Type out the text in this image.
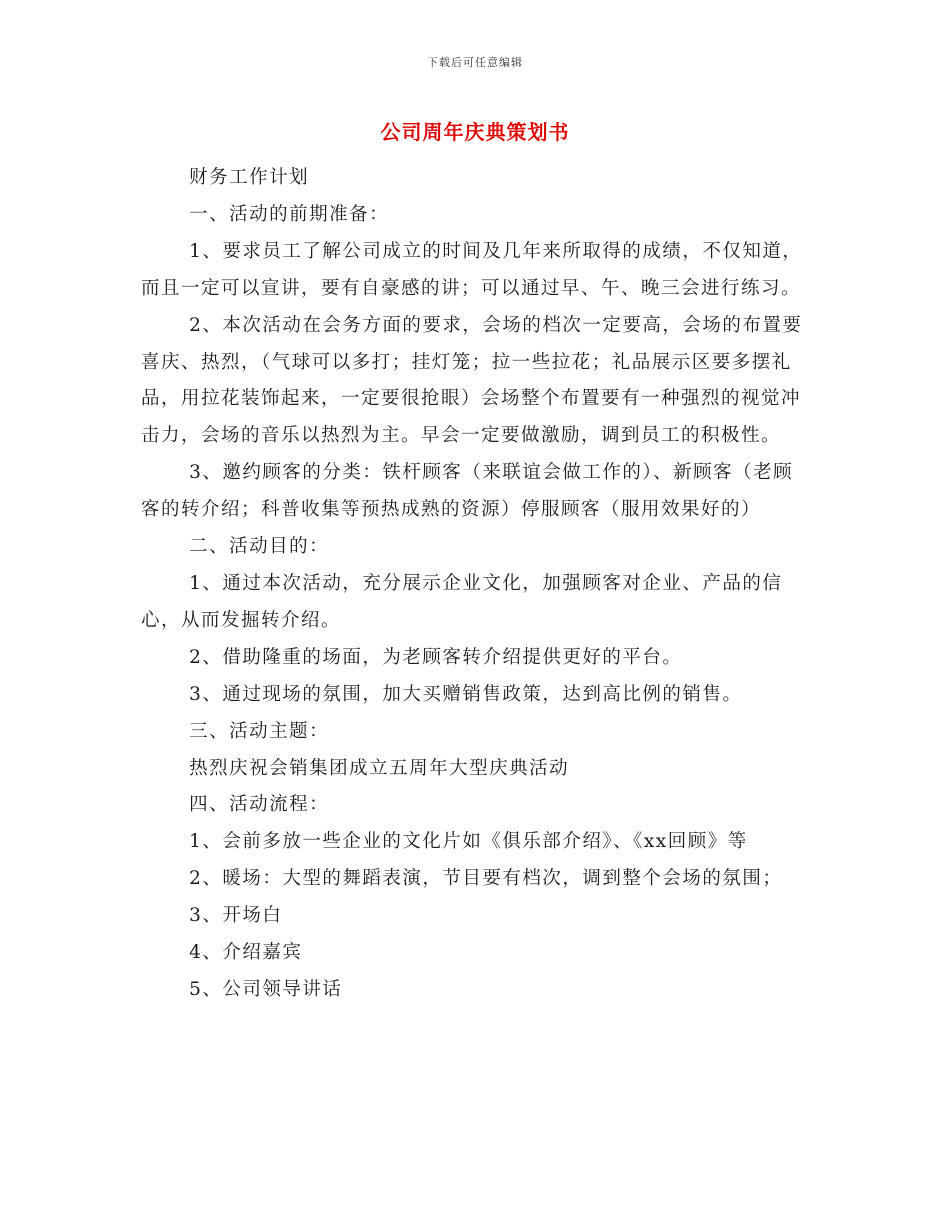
下载后可任意编辑
公司周年庆典策划书

财务工作计划

一、活动的前期准备：

1、要求员工了解公司成立的时间及几年来所取得的成绩，不仅知道，而且一定可以宣讲，要有自豪感的讲；可以通过早、午、晚三会进行练习。

2、本次活动在会务方面的要求，会场的档次一定要高，会场的布置要喜庆、热烈，（气球可以多打；挂灯笼；拉一些拉花；礼品展示区要多摆礼品，用拉花装饰起来，一定要很抢眼）会场整个布置要有一种强烈的视觉冲击力，会场的音乐以热烈为主。早会一定要做激励，调到员工的积极性。

3、邀约顾客的分类：铁杆顾客（来联谊会做工作的）、新顾客（老顾客的转介绍；科普收集等预热成熟的资源）停服顾客（服用效果好的）

二、活动目的：

1、通过本次活动，充分展示企业文化，加强顾客对企业、产品的信心，从而发掘转介绍。

2、借助隆重的场面，为老顾客转介绍提供更好的平台。

3、通过现场的氛围，加大买赠销售政策，达到高比例的销售。

三、活动主题：

热烈庆祝会销集团成立五周年大型庆典活动

四、活动流程：

1、会前多放一些企业的文化片如《俱乐部介绍》、《xx回顾》等

2、暖场：大型的舞蹈表演，节目要有档次，调到整个会场的氛围；

3、开场白

4、介绍嘉宾

5、公司领导讲话
